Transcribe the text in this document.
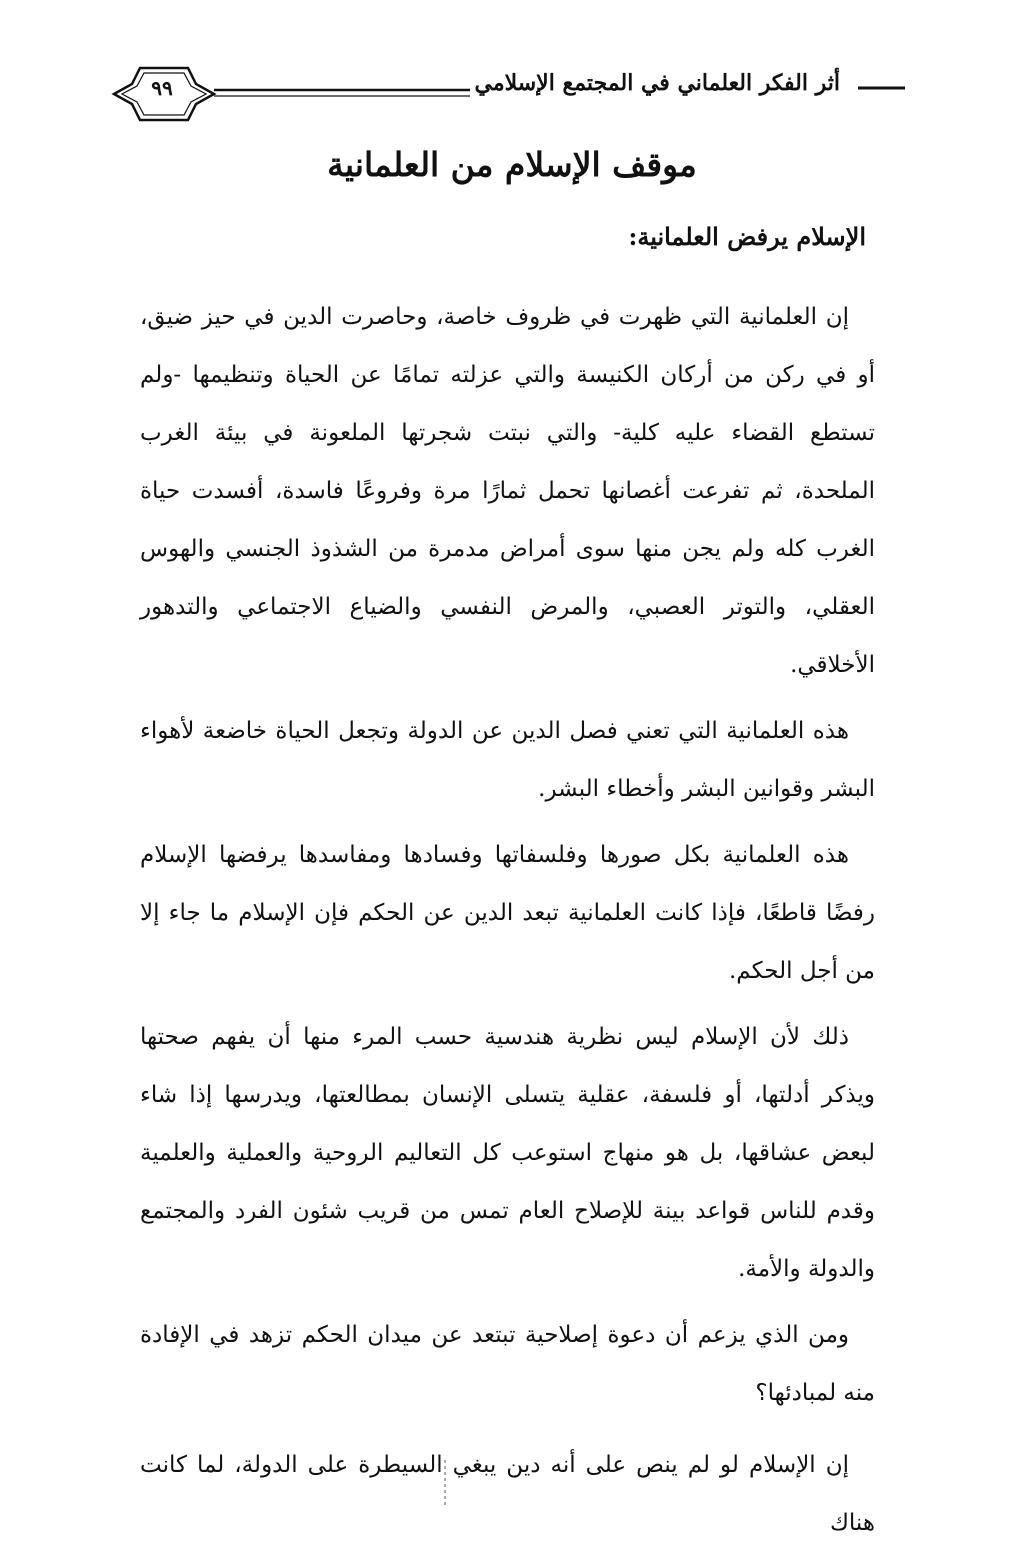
٩٩	أثر الفكر العلماني في المجتمع الإسلامي
موقف الإسلام من العلمانية
الإسلام يرفض العلمانية:

إن العلمانية التي ظهرت في ظروف خاصة، وحاصرت الدين في حيز ضيق، أو في ركن من أركان الكنيسة والتي عزلته تمامًا عن الحياة وتنظيمها -ولم تستطع القضاء عليه كلية- والتي نبتت شجرتها الملعونة في بيئة الغرب الملحدة، ثم تفرعت أغصانها تحمل ثمارًا مرة وفروعًا فاسدة، أفسدت حياة الغرب كله ولم يجن منها سوى أمراض مدمرة من الشذوذ الجنسي والهوس العقلي، والتوتر العصبي، والمرض النفسي والضياع الاجتماعي والتدهور الأخلاقي.

هذه العلمانية التي تعني فصل الدين عن الدولة وتجعل الحياة خاضعة لأهواء البشر وقوانين البشر وأخطاء البشر.

هذه العلمانية بكل صورها وفلسفاتها وفسادها ومفاسدها يرفضها الإسلام رفضًا قاطعًا، فإذا كانت العلمانية تبعد الدين عن الحكم فإن الإسلام ما جاء إلا من أجل الحكم.

ذلك لأن الإسلام ليس نظرية هندسية حسب المرء منها أن يفهم صحتها ويذكر أدلتها، أو فلسفة، عقلية يتسلى الإنسان بمطالعتها، ويدرسها إذا شاء لبعض عشاقها، بل هو منهاج استوعب كل التعاليم الروحية والعملية والعلمية وقدم للناس قواعد بينة للإصلاح العام تمس من قريب شئون الفرد والمجتمع والدولة والأمة.

ومن الذي يزعم أن دعوة إصلاحية تبتعد عن ميدان الحكم تزهد في الإفادة منه لمبادئها؟

إن الإسلام لو لم ينص على أنه دين يبغي السيطرة على الدولة، لما كانت هناك
